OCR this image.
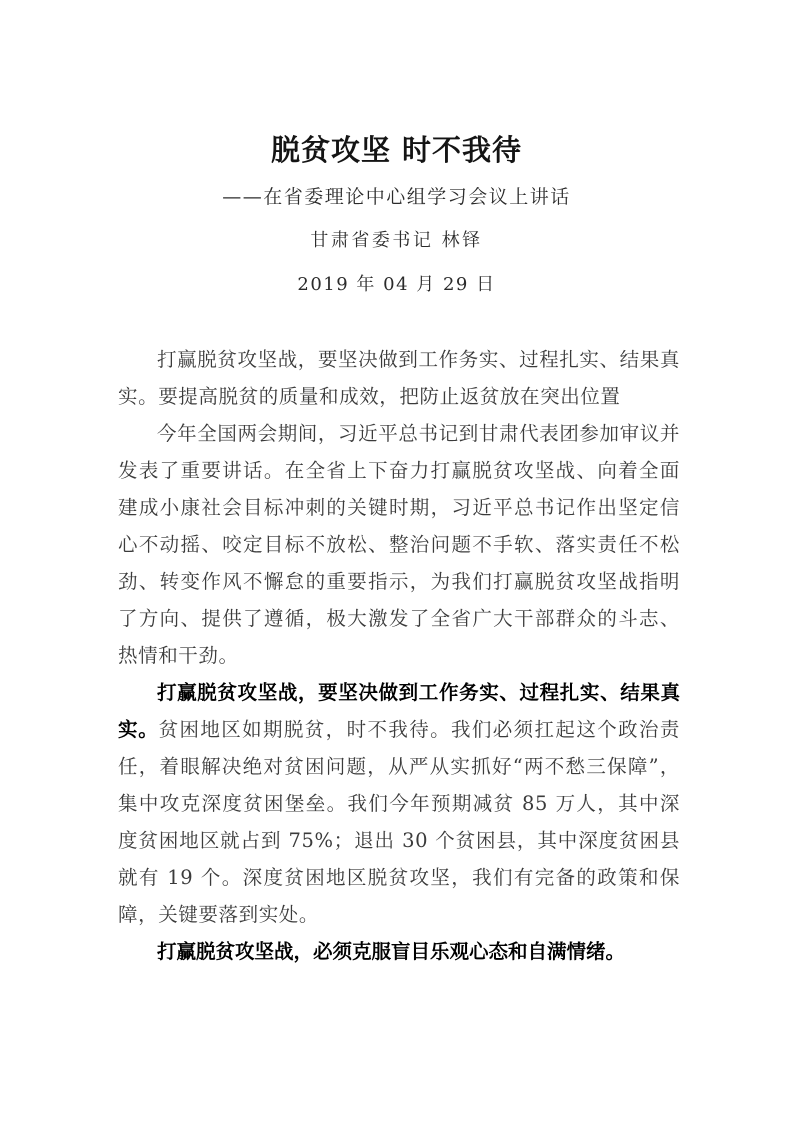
脱贫攻坚 时不我待
——在省委理论中心组学习会议上讲话
甘肃省委书记 林铎
2019 年 04 月 29 日

打赢脱贫攻坚战，要坚决做到工作务实、过程扎实、结果真实。要提高脱贫的质量和成效，把防止返贫放在突出位置

今年全国两会期间，习近平总书记到甘肃代表团参加审议并发表了重要讲话。在全省上下奋力打赢脱贫攻坚战、向着全面建成小康社会目标冲刺的关键时期，习近平总书记作出坚定信心不动摇、咬定目标不放松、整治问题不手软、落实责任不松劲、转变作风不懈怠的重要指示，为我们打赢脱贫攻坚战指明了方向、提供了遵循，极大激发了全省广大干部群众的斗志、热情和干劲。

打赢脱贫攻坚战，要坚决做到工作务实、过程扎实、结果真实。贫困地区如期脱贫，时不我待。我们必须扛起这个政治责任，着眼解决绝对贫困问题，从严从实抓好“两不愁三保障”，集中攻克深度贫困堡垒。我们今年预期减贫 85 万人，其中深度贫困地区就占到 75%；退出 30 个贫困县，其中深度贫困县就有 19 个。深度贫困地区脱贫攻坚，我们有完备的政策和保障，关键要落到实处。

打赢脱贫攻坚战，必须克服盲目乐观心态和自满情绪。
